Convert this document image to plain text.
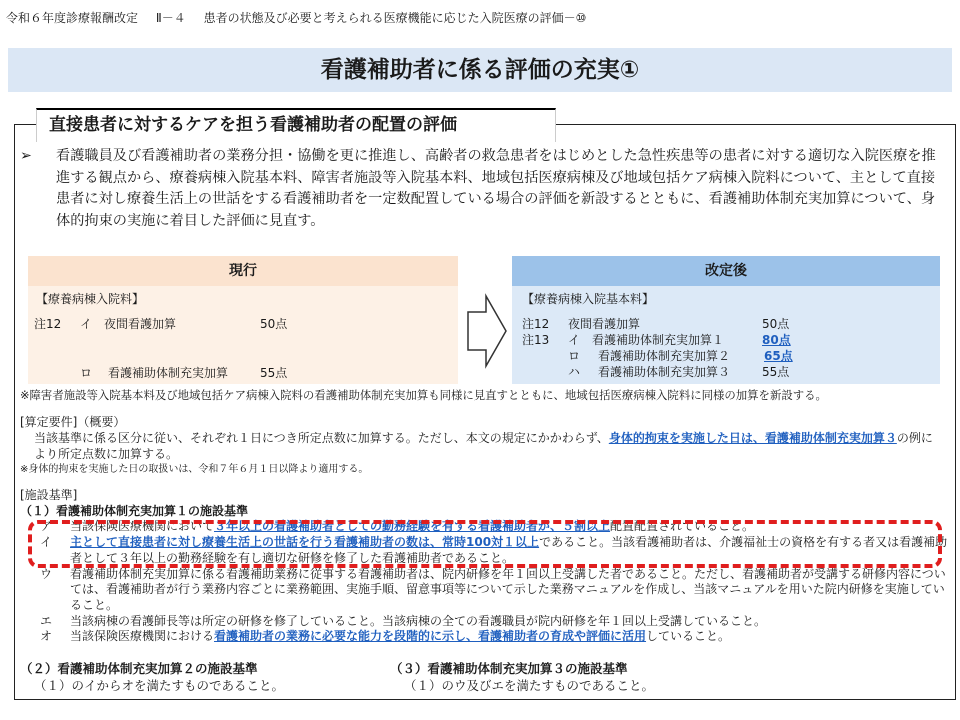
令和６年度診療報酬改定 Ⅱ－４ 患者の状態及び必要と考えられる医療機能に応じた入院医療の評価－⑩
看護補助者に係る評価の充実①
直接患者に対するケアを担う看護補助者の配置の評価
➢ 看護職員及び看護補助者の業務分担・協働を更に推進し、高齢者の救急患者をはじめとした急性疾患等の患者に対する適切な入院医療を推進する観点から、療養病棟入院基本料、障害者施設等入院基本料、地域包括医療病棟及び地域包括ケア病棟入院料について、主として直接患者に対し療養生活上の世話をする看護補助者を一定数配置している場合の評価を新設するとともに、看護補助体制充実加算について、身体的拘束の実施に着目した評価に見直す。
現行	改定後
【療養病棟入院料】
注12 イ 夜間看護加算	50点
ロ 看護補助体制充実加算	55点
【療養病棟入院基本料】
注12 夜間看護加算	50点
注13 イ 看護補助体制充実加算１	80点
ロ 看護補助体制充実加算２	65点
ハ 看護補助体制充実加算３	55点
※障害者施設等入院基本料及び地域包括ケア病棟入院料の看護補助体制充実加算も同様に見直すとともに、地域包括医療病棟入院料に同様の加算を新設する。
[算定要件]（概要）
当該基準に係る区分に従い、それぞれ１日につき所定点数に加算する。ただし、本文の規定にかかわらず、身体的拘束を実施した日は、看護補助体制充実加算３の例により所定点数に加算する。
※身体的拘束を実施した日の取扱いは、令和７年６月１日以降より適用する。
[施設基準]
（１）看護補助体制充実加算１の施設基準
ア 当該保険医療機関において３年以上の看護補助者としての勤務経験を有する看護補助者が、５割以上配置配置されていること。
イ 主として直接患者に対し療養生活上の世話を行う看護補助者の数は、常時100対１以上であること。当該看護補助者は、介護福祉士の資格を有する者又は看護補助者として３年以上の勤務経験を有し適切な研修を修了した看護補助者であること。
ウ 看護補助体制充実加算に係る看護補助業務に従事する看護補助者は、院内研修を年１回以上受講した者であること。ただし、看護補助者が受講する研修内容については、看護補助者が行う業務内容ごとに業務範囲、実施手順、留意事項等について示した業務マニュアルを作成し、当該マニュアルを用いた院内研修を実施していること。
エ 当該病棟の看護師長等は所定の研修を修了していること。当該病棟の全ての看護職員が院内研修を年１回以上受講していること。
オ 当該保険医療機関における看護補助者の業務に必要な能力を段階的に示し、看護補助者の育成や評価に活用していること。
（２）看護補助体制充実加算２の施設基準
（１）のイからオを満たすものであること。
（３）看護補助体制充実加算３の施設基準
（１）のウ及びエを満たすものであること。
